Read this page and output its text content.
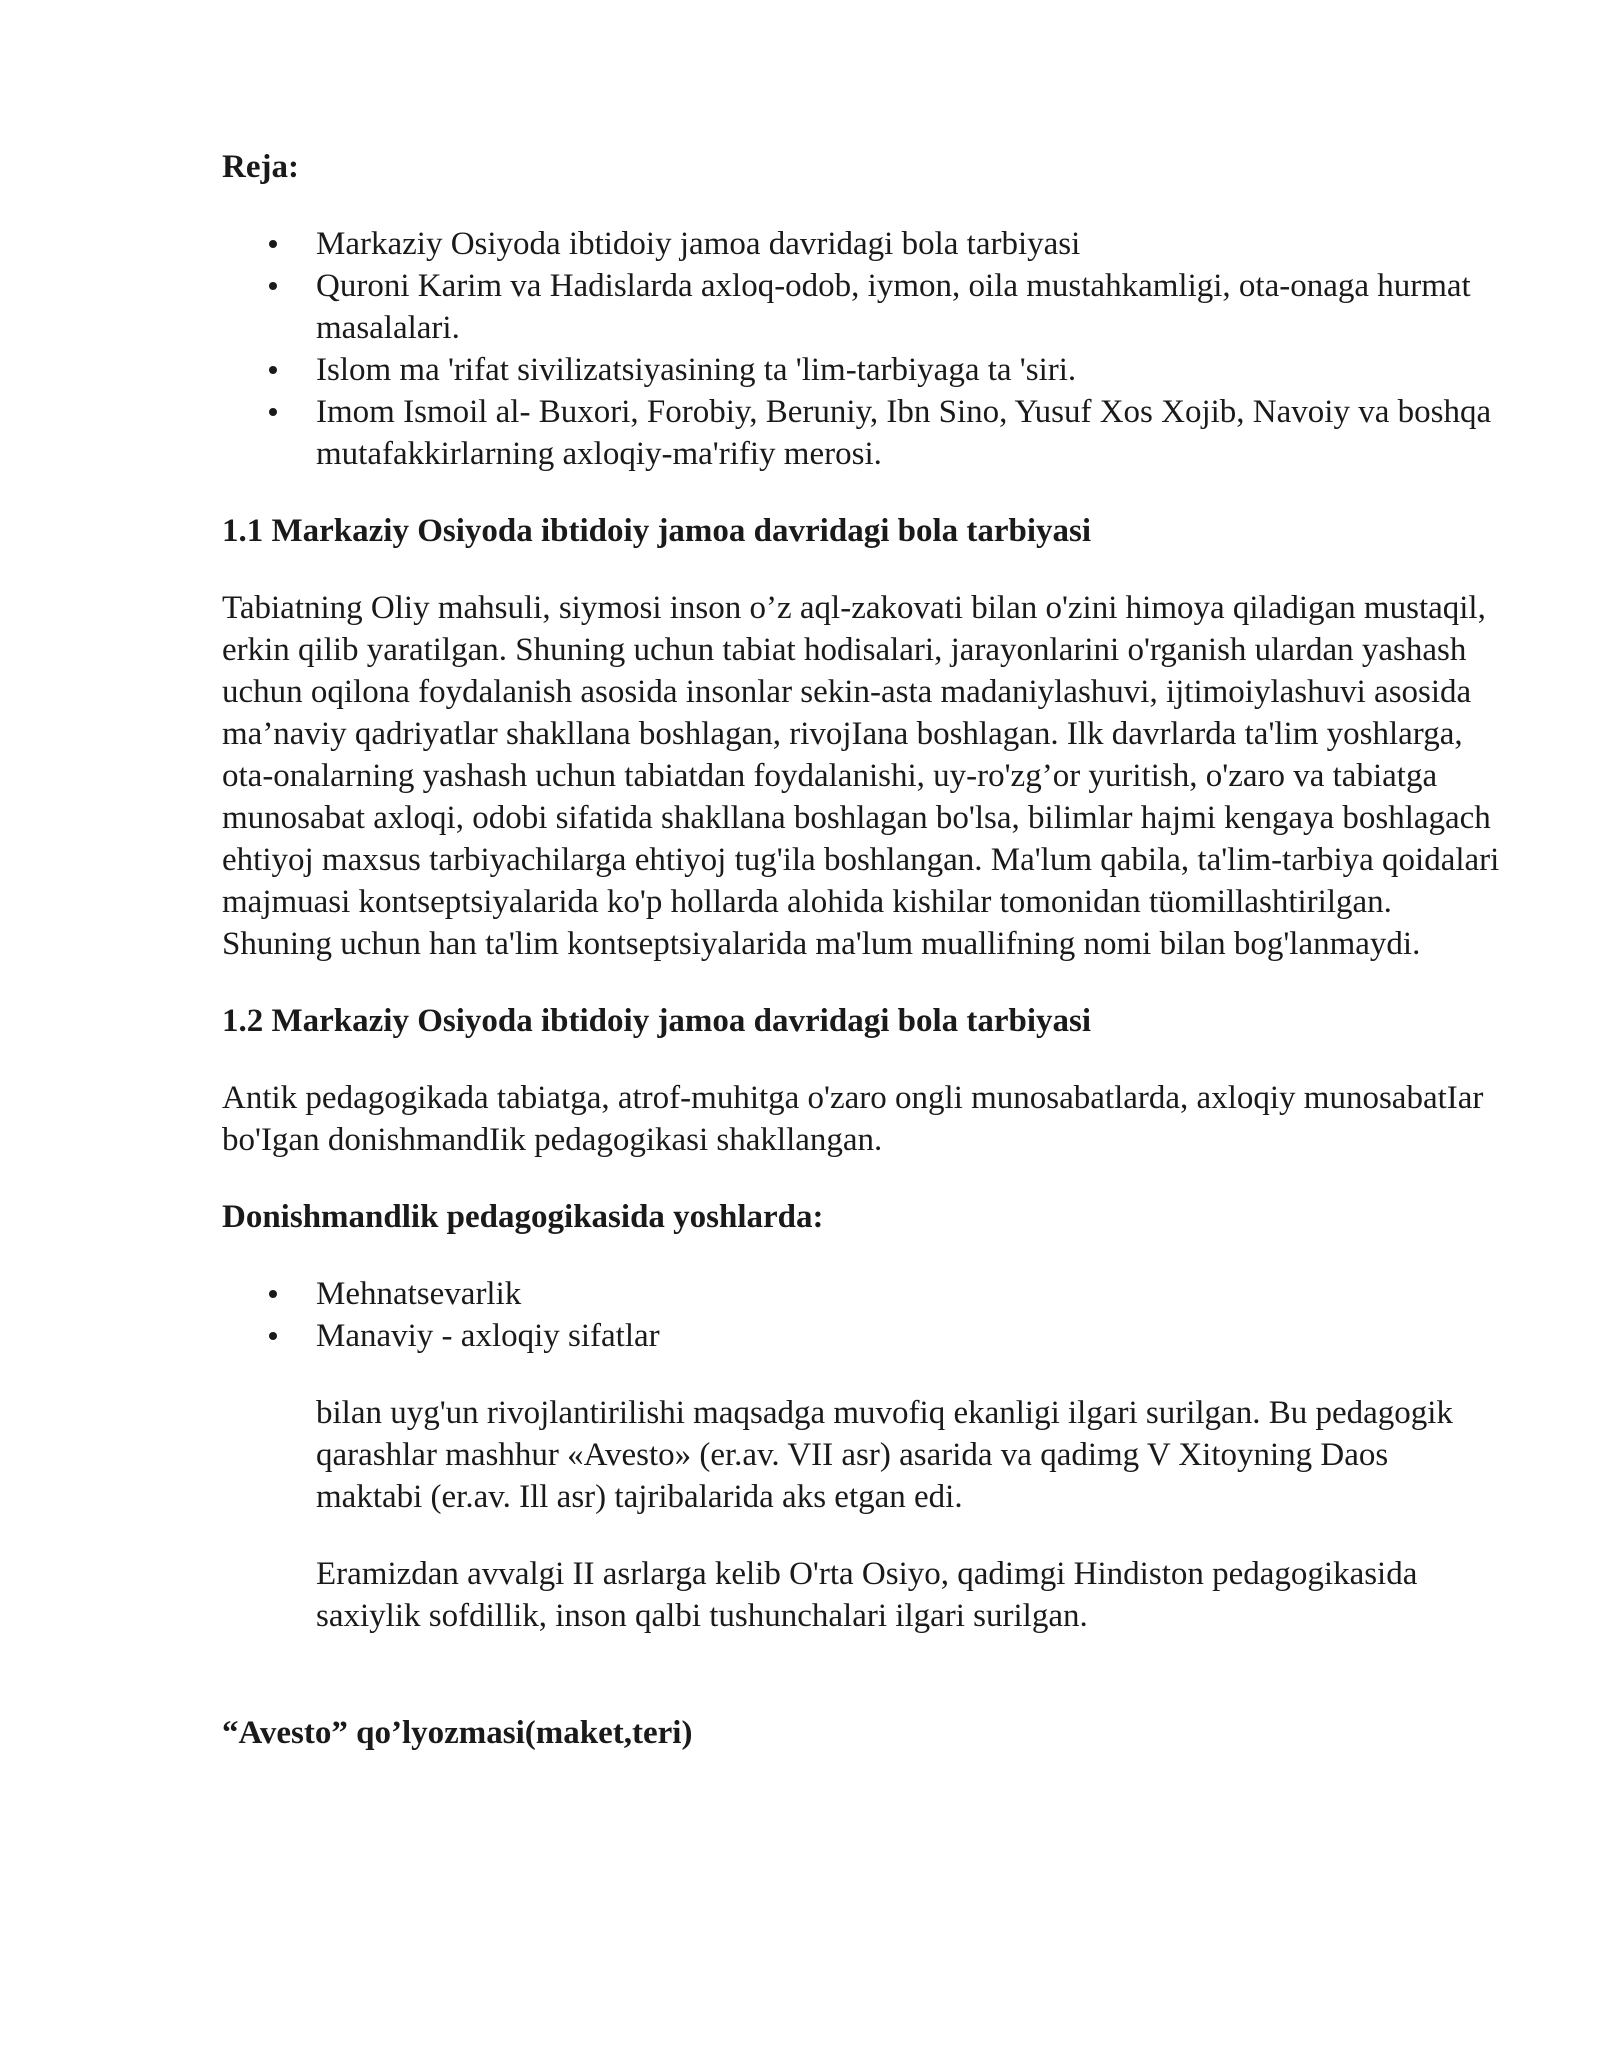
Reja:
Markaziy Osiyoda ibtidoiy jamoa davridagi bola tarbiyasi
Quroni Karim va Hadislarda axloq-odob, iymon, oila mustahkamligi, ota-onaga hurmat masalalari.
Islom ma 'rifat sivilizatsiyasining ta 'lim-tarbiyaga ta 'siri.
Imom Ismoil al- Buxori, Forobiy, Beruniy, Ibn Sino, Yusuf Xos Xojib, Navoiy va boshqa mutafakkirlarning axloqiy-ma'rifiy merosi.
1.1 Markaziy Osiyoda ibtidoiy jamoa davridagi bola tarbiyasi

Tabiatning Oliy mahsuli, siymosi inson o’z aql-zakovati bilan o'zini himoya qiladigan mustaqil, erkin qilib yaratilgan. Shuning uchun tabiat hodisalari, jarayonlarini o'rganish ulardan yashash uchun oqilona foydalanish asosida insonlar sekin-asta madaniylashuvi, ijtimoiylashuvi asosida ma’naviy qadriyatlar shakllana boshlagan, rivojIana boshlagan. Ilk davrlarda ta'lim yoshlarga, ota-onalarning yashash uchun tabiatdan foydalanishi, uy-ro'zg’or yuritish, o'zaro va tabiatga munosabat axloqi, odobi sifatida shakllana boshlagan bo'lsa, bilimlar hajmi kengaya boshlagach ehtiyoj maxsus tarbiyachilarga ehtiyoj tug'ila boshlangan. Ma'lum qabila, ta'lim-tarbiya qoidalari majmuasi kontseptsiyalarida ko'p hollarda alohida kishilar tomonidan tüomillashtirilgan. Shuning uchun han ta'lim kontseptsiyalarida ma'lum muallifning nomi bilan bog'lanmaydi.

1.2 Markaziy Osiyoda ibtidoiy jamoa davridagi bola tarbiyasi

Antik pedagogikada tabiatga, atrof-muhitga o'zaro ongli munosabatlarda, axloqiy munosabatIar bo'Igan donishmandIik pedagogikasi shakllangan.

Donishmandlik pedagogikasida yoshlarda:
Mehnatsevarlik
Manaviy - axloqiy sifatlar

bilan uyg'un rivojlantirilishi maqsadga muvofiq ekanligi ilgari surilgan. Bu pedagogik qarashlar mashhur «Avesto» (er.av. VII asr) asarida va qadimg V Xitoyning Daos maktabi (er.av. Ill asr) tajribalarida aks etgan edi.

Eramizdan avvalgi II asrlarga kelib O'rta Osiyo, qadimgi Hindiston pedagogikasida saxiylik sofdillik, inson qalbi tushunchalari ilgari surilgan.

“Avesto” qo’lyozmasi(maket,teri)
